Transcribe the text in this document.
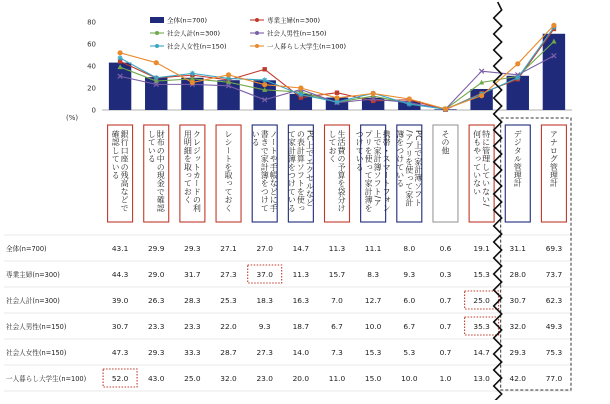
0
20
40
60
80
(%)
全体(n=700)	専業主婦(n=300)
社会人計(n=300)	社会人男性(n=150)
社会人女性(n=150)	一人暮らし大学生(n=100)
銀行口座の残高などで
確認している	財布の中の現金で確認
している	クレジットカードの利
用明細を取っておく	レシートを取っておく	ノートや手帳などに手
書きで家計簿をつけて
いる	PC上でエクセルなど
の表計算ソフトを使っ
て家計簿をつけている	生活費の予算を袋分け
しておく	携帯・スマートフォン
上で家計簿ソフト/ア
プリを使って家計簿を
つけている	PC上で家計簿ソフト
/アプリを使って家計
簿をつけている	その他	特に管理していない/
何もやっていない	デジタル管理計	アナログ管理計
全体(n=700)	43.1	29.9	29.3	27.1	27.0	14.7	11.3	11.1	8.0	0.6	19.1	31.1	69.3
専業主婦(n=300)	44.3	29.0	31.7	27.3	37.0	11.3	15.7	8.3	9.3	0.3	15.3	28.0	73.7
社会人計(n=300)	39.0	26.3	28.3	25.3	18.3	16.3	7.0	12.7	6.0	0.7	25.0	30.7	62.3
社会人男性(n=150)	30.7	23.3	23.3	22.0	9.3	18.7	6.7	10.0	6.7	0.7	35.3	32.0	49.3
社会人女性(n=150)	47.3	29.3	33.3	28.7	27.3	14.0	7.3	15.3	5.3	0.7	14.7	29.3	75.3
一人暮らし大学生(n=100)	52.0	43.0	25.0	32.0	23.0	20.0	11.0	15.0	10.0	1.0	13.0	42.0	77.0
